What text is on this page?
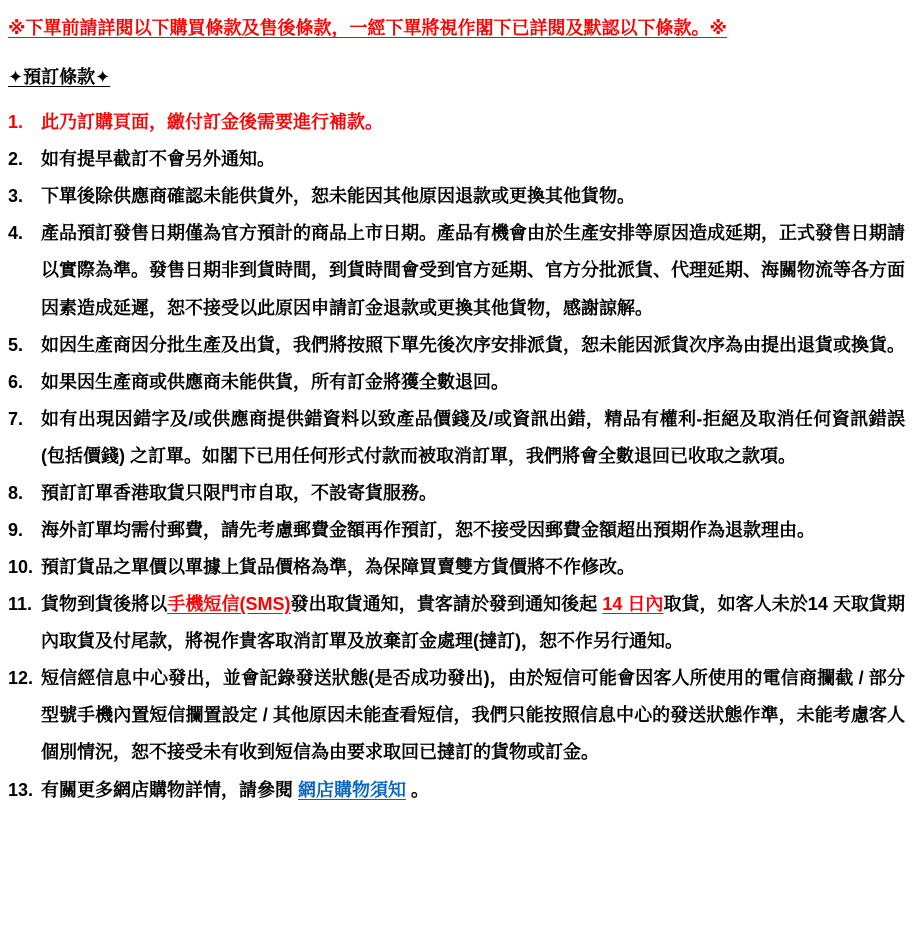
※下單前請詳閱以下購買條款及售後條款，一經下單將視作閣下已詳閱及默認以下條款。※

✦預訂條款✦
1. 此乃訂購頁面，繳付訂金後需要進行補款。
2. 如有提早截訂不會另外通知。
3. 下單後除供應商確認未能供貨外，恕未能因其他原因退款或更換其他貨物。
4. 產品預訂發售日期僅為官方預計的商品上市日期。產品有機會由於生產安排等原因造成延期，正式發售日期請以實際為準。發售日期非到貨時間，到貨時間會受到官方延期、官方分批派貨、代理延期、海關物流等各方面因素造成延遲，恕不接受以此原因申請訂金退款或更換其他貨物，感謝諒解。
5. 如因生產商因分批生產及出貨，我們將按照下單先後次序安排派貨，恕未能因派貨次序為由提出退貨或換貨。
6. 如果因生產商或供應商未能供貨，所有訂金將獲全數退回。
7. 如有出現因錯字及/或供應商提供錯資料以致產品價錢及/或資訊出錯，精品有權利-拒絕及取消任何資訊錯誤(包括價錢) 之訂單。如閣下已用任何形式付款而被取消訂單，我們將會全數退回已收取之款項。
8. 預訂訂單香港取貨只限門市自取，不設寄貨服務。
9. 海外訂單均需付郵費，請先考慮郵費金額再作預訂，恕不接受因郵費金額超出預期作為退款理由。
10. 預訂貨品之單價以單據上貨品價格為準，為保障買賣雙方貨價將不作修改。
11. 貨物到貨後將以手機短信(SMS)發出取貨通知，貴客請於發到通知後起 14 日內取貨，如客人未於14 天取貨期內取貨及付尾款，將視作貴客取消訂單及放棄訂金處理(撻訂)，恕不作另行通知。
12. 短信經信息中心發出，並會記錄發送狀態(是否成功發出)，由於短信可能會因客人所使用的電信商攔截 / 部分型號手機內置短信攔置設定 / 其他原因未能查看短信，我們只能按照信息中心的發送狀態作準，未能考慮客人個別情況，恕不接受未有收到短信為由要求取回已撻訂的貨物或訂金。
13. 有關更多網店購物詳情，請參閱 網店購物須知 。
